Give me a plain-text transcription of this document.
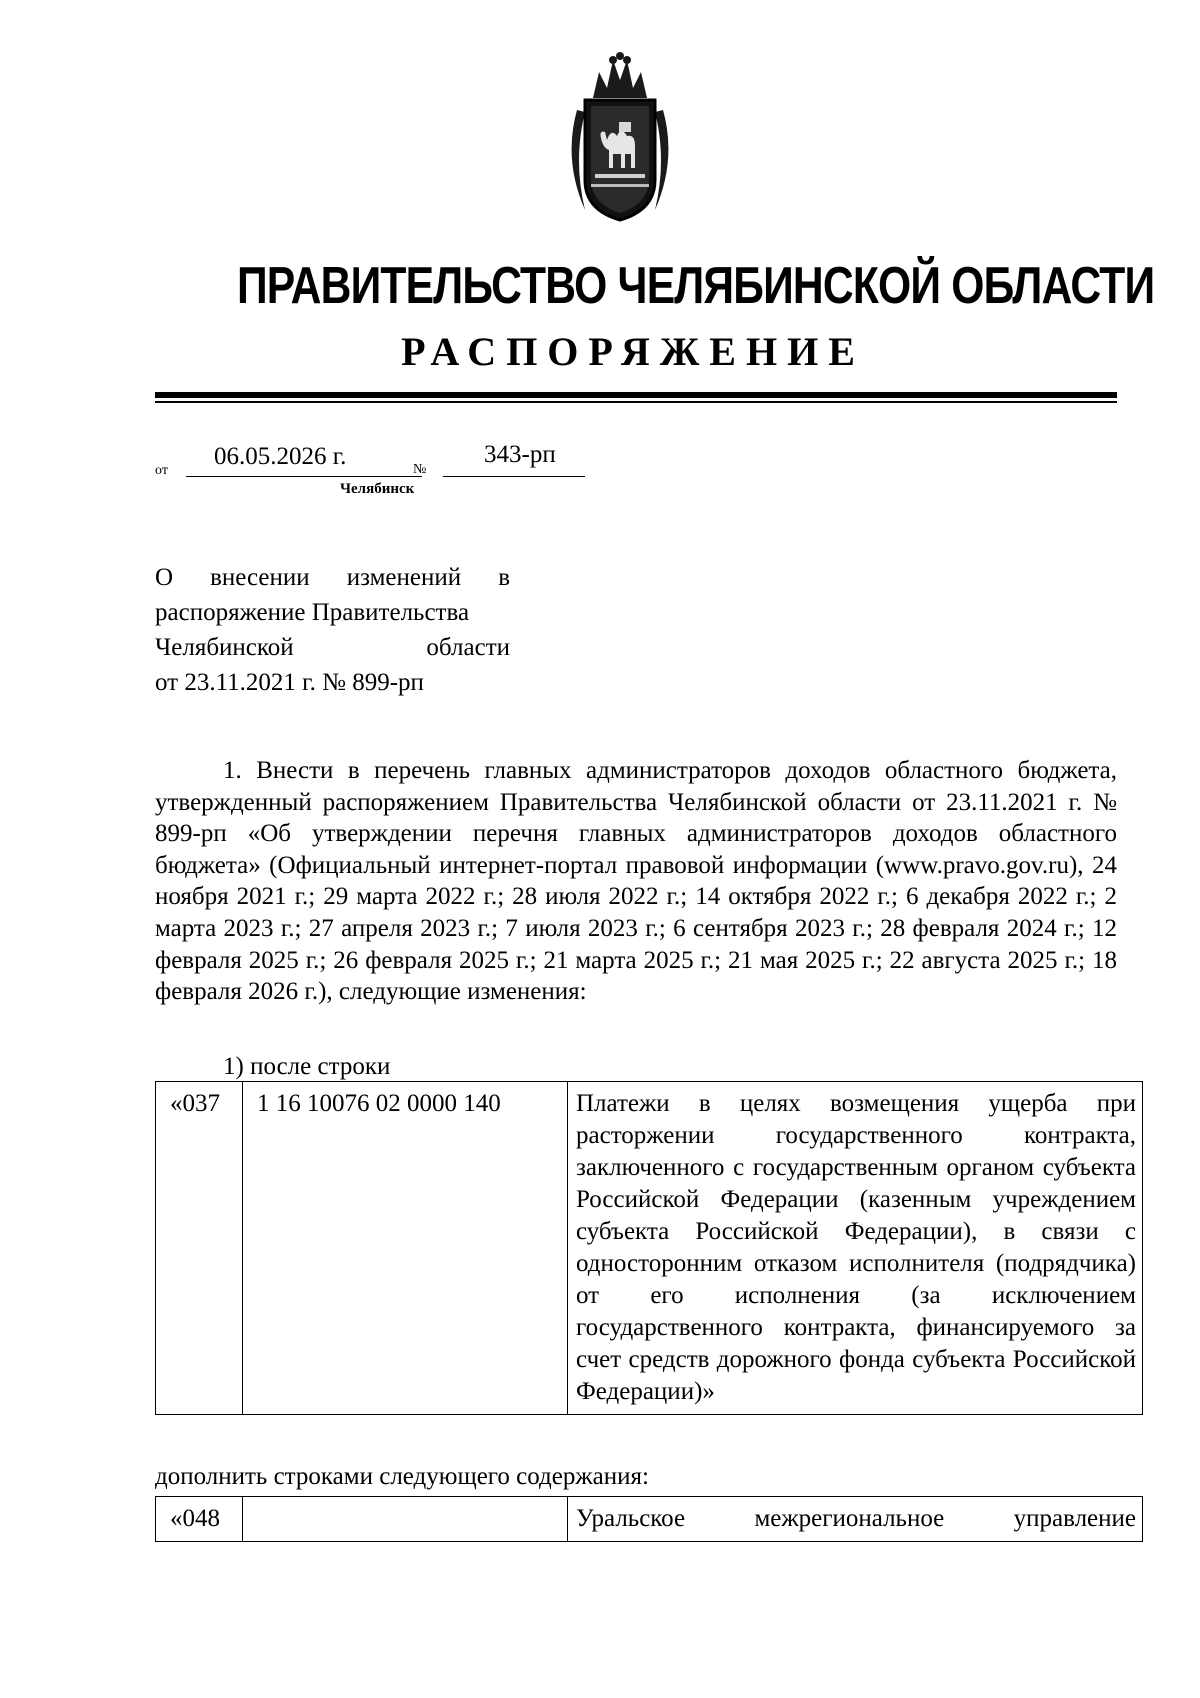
ПРАВИТЕЛЬСТВО ЧЕЛЯБИНСКОЙ ОБЛАСТИ
РАСПОРЯЖЕНИЕ
от
06.05.2026 г.	№
343-рп
Челябинск
О внесении изменений в
распоряжение Правительства
Челябинской области
от 23.11.2021 г. № 899-рп

1. Внести в перечень главных администраторов доходов областного бюджета, утвержденный распоряжением Правительства Челябинской области от 23.11.2021 г. № 899-рп «Об утверждении перечня главных администраторов доходов областного бюджета» (Официальный интернет-портал правовой информации (www.pravo.gov.ru), 24 ноября 2021 г.; 29 марта 2022 г.; 28 июля 2022 г.; 14 октября 2022 г.; 6 декабря 2022 г.; 2 марта 2023 г.; 27 апреля 2023 г.; 7 июля 2023 г.; 6 сентября 2023 г.; 28 февраля 2024 г.; 12 февраля 2025 г.; 26 февраля 2025 г.; 21 марта 2025 г.; 21 мая 2025 г.; 22 августа 2025 г.; 18 февраля 2026 г.), следующие изменения:

1) после строки
«037	1 16 10076 02 0000 140	Платежи в целях возмещения ущерба при расторжении государственного контракта, заключенного с государственным органом субъекта Российской Федерации (казенным учреждением субъекта Российской Федерации), в связи с односторонним отказом исполнителя (подрядчика) от его исполнения (за исключением государственного контракта, финансируемого за счет средств дорожного фонда субъекта Российской Федерации)»
дополнить строками следующего содержания:
«048		Уральское межрегиональное управление
